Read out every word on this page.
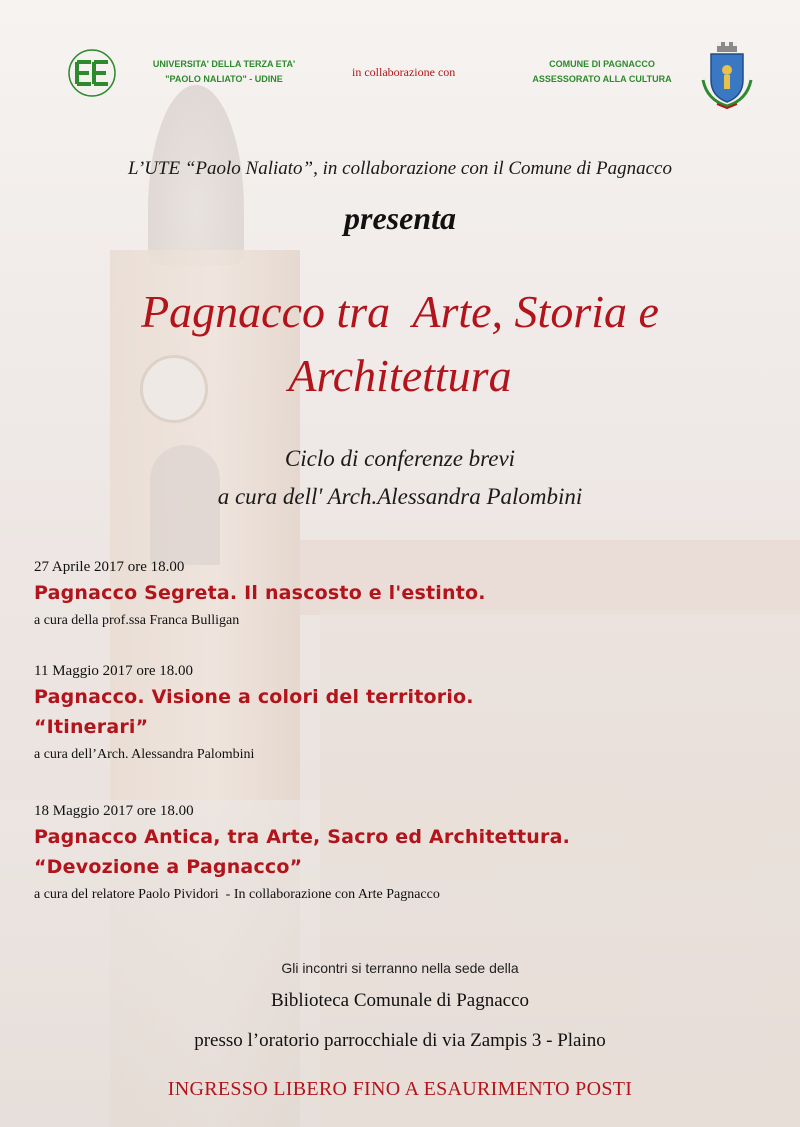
UNIVERSITA' DELLA TERZA ETA'
"PAOLO NALIATO" - UDINE	in collaborazione con
COMUNE DI PAGNACCO
ASSESSORATO ALLA CULTURA
L’UTE “Paolo Naliato”, in collaborazione con il Comune di Pagnacco
presenta
Pagnacco tra  Arte, Storia e
Architettura
Ciclo di conferenze brevi
a cura dell' Arch.Alessandra Palombini
27 Aprile 2017 ore 18.00
Pagnacco Segreta. Il nascosto e l'estinto.
a cura della prof.ssa Franca Bulligan
11 Maggio 2017 ore 18.00
Pagnacco. Visione a colori del territorio.
“Itinerari”
a cura dell’Arch. Alessandra Palombini
18 Maggio 2017 ore 18.00
Pagnacco Antica, tra Arte, Sacro ed Architettura.
“Devozione a Pagnacco”
a cura del relatore Paolo Pividori  - In collaborazione con Arte Pagnacco
Gli incontri si terranno nella sede della
Biblioteca Comunale di Pagnacco
presso l’oratorio parrocchiale di via Zampis 3 - Plaino
INGRESSO LIBERO FINO A ESAURIMENTO POSTI
